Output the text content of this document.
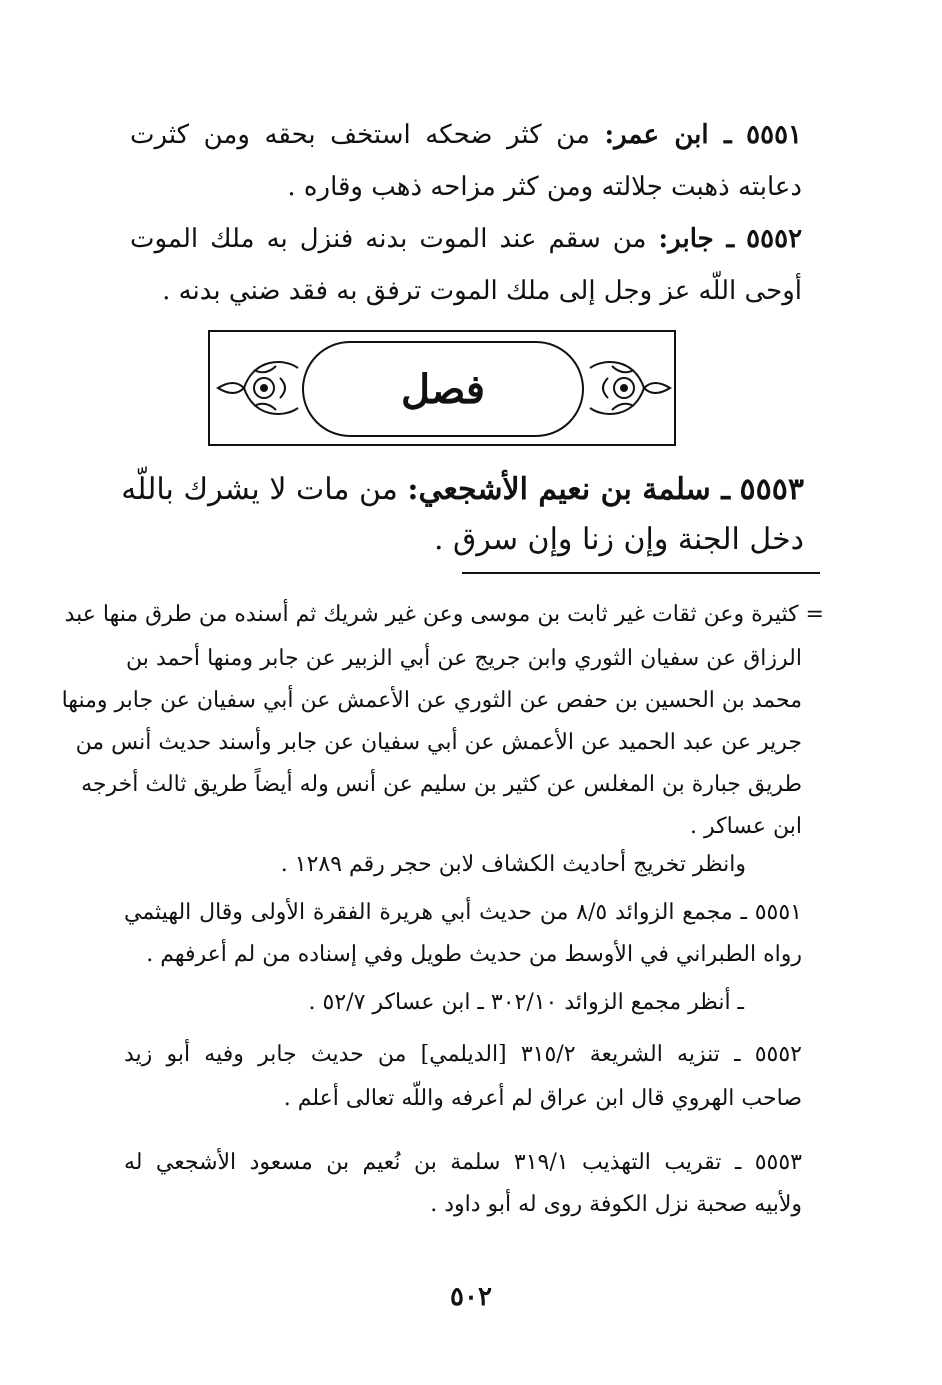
٥٥٥١ ـ ابن عمر: من كثر ضحكه استخف بحقه ومن كثرت
دعابته ذهبت جلالته ومن كثر مزاحه ذهب وقاره .
٥٥٥٢ ـ جابر: من سقم عند الموت بدنه فنزل به ملك الموت
أوحى اللّه عز وجل إلى ملك الموت ترفق به فقد ضني بدنه .
فصل
٥٥٥٣ ـ سلمة بن نعيم الأشجعي: من مات لا يشرك باللّه
دخل الجنة وإن زنا وإن سرق .
= كثيرة وعن ثقات غير ثابت بن موسى وعن غير شريك ثم أسنده من طرق منها عبد
الرزاق عن سفيان الثوري وابن جريج عن أبي الزبير عن جابر ومنها أحمد بن
محمد بن الحسين بن حفص عن الثوري عن الأعمش عن أبي سفيان عن جابر ومنها
جرير عن عبد الحميد عن الأعمش عن أبي سفيان عن جابر وأسند حديث أنس من
طريق جبارة بن المغلس عن كثير بن سليم عن أنس وله أيضاً طريق ثالث أخرجه
ابن عساكر .
وانظر تخريج أحاديث الكشاف لابن حجر رقم ١٢٨٩ .
٥٥٥١ ـ مجمع الزوائد ٨/٥ من حديث أبي هريرة الفقرة الأولى وقال الهيثمي
رواه الطبراني في الأوسط من حديث طويل وفي إسناده من لم أعرفهم .
ـ أنظر مجمع الزوائد ٣٠٢/١٠ ـ ابن عساكر ٥٢/٧ .
٥٥٥٢ ـ تنزيه الشريعة ٣١٥/٢ [الديلمي] من حديث جابر وفيه أبو زيد
صاحب الهروي قال ابن عراق لم أعرفه واللّه تعالى أعلم .
٥٥٥٣ ـ تقريب التهذيب ٣١٩/١ سلمة بن نُعيم بن مسعود الأشجعي له
ولأبيه صحبة نزل الكوفة روى له أبو داود .
٥٠٢
